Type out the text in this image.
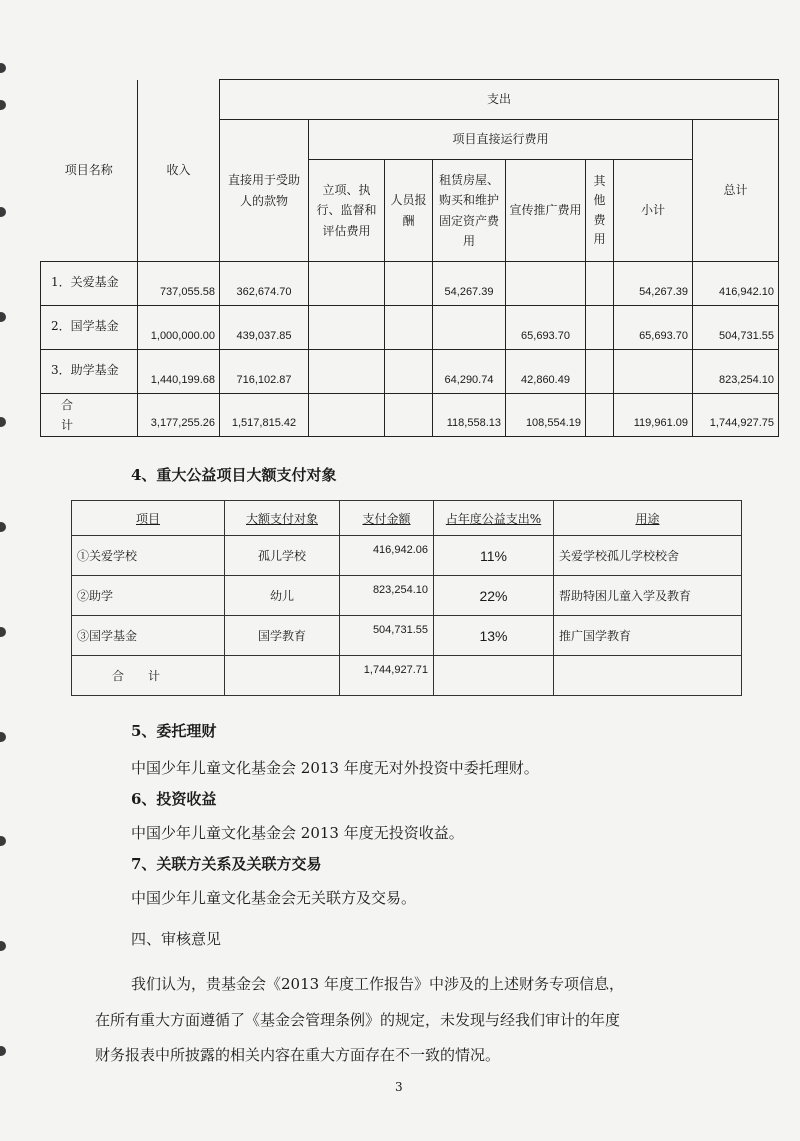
项目名称	收入	支出							
		直接用于受助人的款物	项目直接运行费用						总计
			立项、执行、监督和评估费用	人员报酬	租赁房屋、购买和维护固定资产费用	宣传推广费用	其他费用	小计	
1．关爱基金	737,055.58	362,674.70			54,267.39			54,267.39	416,942.10
2．国学基金	1,000,000.00	439,037.85				65,693.70		65,693.70	504,731.55
3．助学基金	1,440,199.68	716,102.87			64,290.74	42,860.49			823,254.10
合计	3,177,255.26	1,517,815.42			118,558.13	108,554.19		119,961.09	1,744,927.75
4、重大公益项目大额支付对象
项目	大额支付对象	支付金额	占年度公益支出%	用途
①关爱学校	孤儿学校	416,942.06	11%	关爱学校孤儿学校校舍
②助学	幼儿	823,254.10	22%	帮助特困儿童入学及教育
③国学基金	国学教育	504,731.55	13%	推广国学教育
合计		1,744,927.71		
5、委托理财

中国少年儿童文化基金会 2013 年度无对外投资中委托理财。

6、投资收益

中国少年儿童文化基金会 2013 年度无投资收益。

7、关联方关系及关联方交易

中国少年儿童文化基金会无关联方及交易。

四、审核意见

我们认为，贵基金会《2013 年度工作报告》中涉及的上述财务专项信息，

在所有重大方面遵循了《基金会管理条例》的规定，未发现与经我们审计的年度

财务报表中所披露的相关内容在重大方面存在不一致的情况。

3
